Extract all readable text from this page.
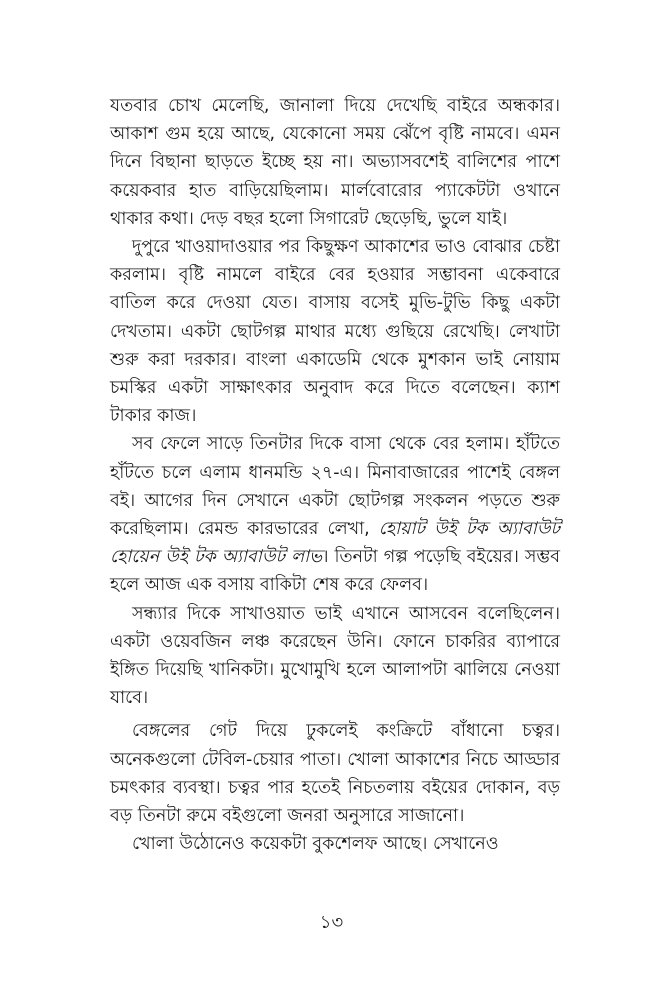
যতবার চোখ মেলেছি, জানালা দিয়ে দেখেছি বাইরে অন্ধকার। আকাশ গুম হয়ে আছে, যেকোনো সময় ঝেঁপে বৃষ্টি নামবে। এমন দিনে বিছানা ছাড়তে ইচ্ছে হয় না। অভ্যাসবশেই বালিশের পাশে কয়েকবার হাত বাড়িয়েছিলাম। মার্লবোরোর প্যাকেটটা ওখানে থাকার কথা। দেড় বছর হলো সিগারেট ছেড়েছি, ভুলে যাই।

দুপুরে খাওয়াদাওয়ার পর কিছুক্ষণ আকাশের ভাও বোঝার চেষ্টা করলাম। বৃষ্টি নামলে বাইরে বের হওয়ার সম্ভাবনা একেবারে বাতিল করে দেওয়া যেত। বাসায় বসেই মুভি-টুভি কিছু একটা দেখতাম। একটা ছোটগল্প মাথার মধ্যে গুছিয়ে রেখেছি। লেখাটা শুরু করা দরকার। বাংলা একাডেমি থেকে মুশকান ভাই নোয়াম চমস্কির একটা সাক্ষাৎকার অনুবাদ করে দিতে বলেছেন। ক্যাশ টাকার কাজ।

সব ফেলে সাড়ে তিনটার দিকে বাসা থেকে বের হলাম। হাঁটতে হাঁটতে চলে এলাম ধানমন্ডি ২৭-এ। মিনাবাজারের পাশেই বেঙ্গল বই। আগের দিন সেখানে একটা ছোটগল্প সংকলন পড়তে শুরু করেছিলাম। রেমন্ড কারভারের লেখা, হোয়াট উই টক অ্যাবাউট হোয়েন উই টক অ্যাবাউট লাভ। তিনটা গল্প পড়েছি বইয়ের। সম্ভব হলে আজ এক বসায় বাকিটা শেষ করে ফেলব।

সন্ধ্যার দিকে সাখাওয়াত ভাই এখানে আসবেন বলেছিলেন। একটা ওয়েবজিন লঞ্চ করেছেন উনি। ফোনে চাকরির ব্যাপারে ইঙ্গিত দিয়েছি খানিকটা। মুখোমুখি হলে আলাপটা ঝালিয়ে নেওয়া যাবে।

বেঙ্গলের গেট দিয়ে ঢুকলেই কংক্রিটে বাঁধানো চত্বর। অনেকগুলো টেবিল-চেয়ার পাতা। খোলা আকাশের নিচে আড্ডার চমৎকার ব্যবস্থা। চত্বর পার হতেই নিচতলায় বইয়ের দোকান, বড় বড় তিনটা রুমে বইগুলো জনরা অনুসারে সাজানো।

খোলা উঠোনেও কয়েকটা বুকশেলফ আছে। সেখানেও

১৩
